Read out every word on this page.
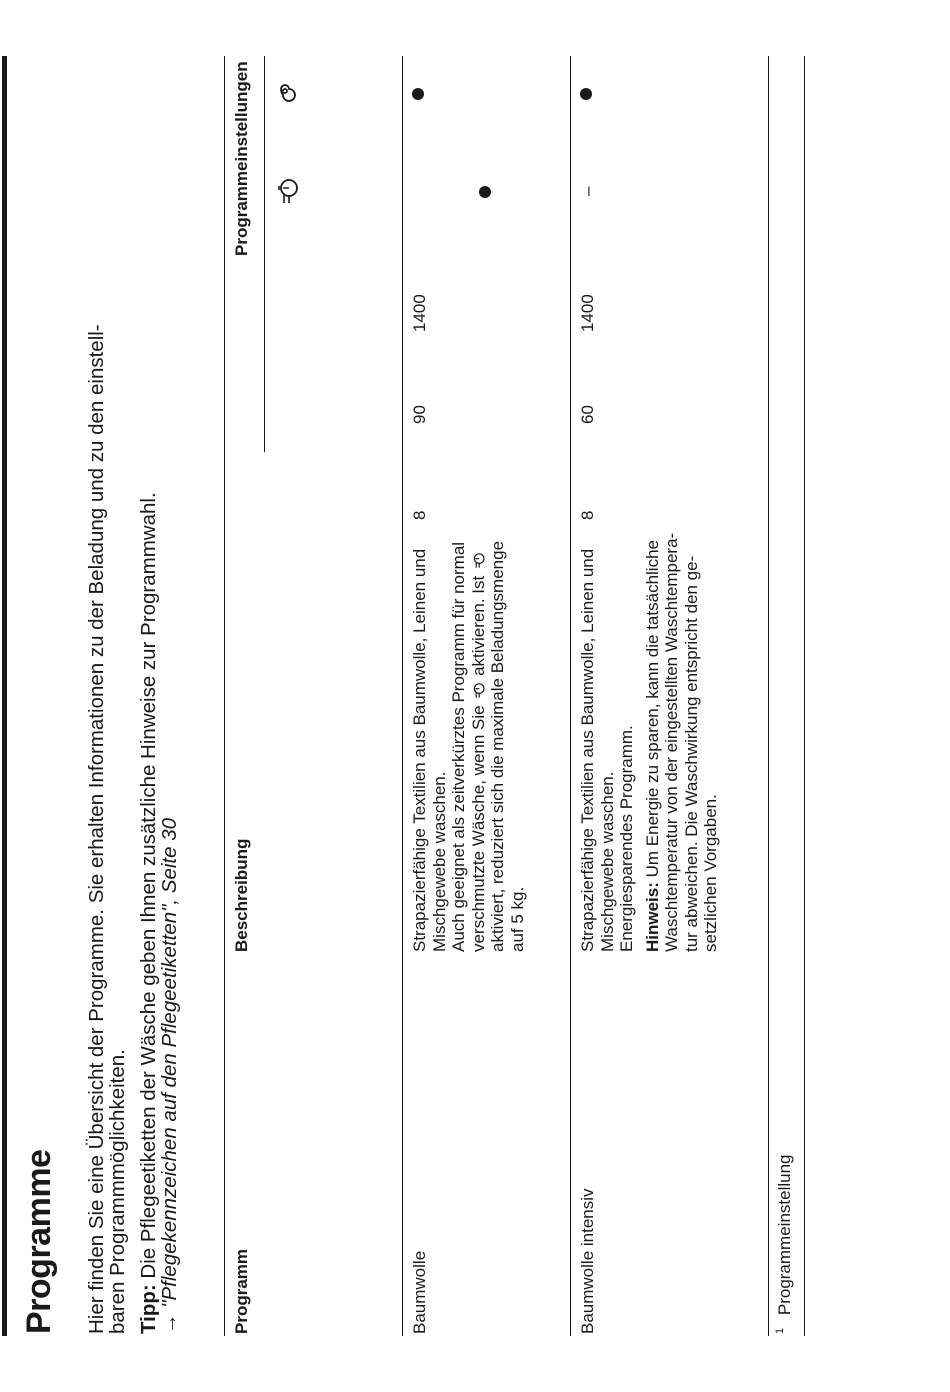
Programme Hier finden Sie eine Übersicht der Programme. Sie erhalten Informationen zu der Beladung und zu den einstell-
baren Programmmöglichkeiten. Tipp: Die Pflegeetiketten der Wäsche geben Ihnen zusätzliche Hinweise zur Programmwahl.
→ "Pflegekennzeichen auf den Pflegeetiketten", Seite 30	Programm
Beschreibung
Programmeinstellungen
Baumwolle
Strapazierfähige Textilien aus Baumwolle, Leinen und Mischgewebe waschen. Auch geeignet als zeitverkürztes Programm für normal verschmutzte Wäsche, wenn Sie  aktivieren. Ist aktiviert, reduziert sich die maximale Beladungsmenge auf 5 kg.
8
90
1400
Baumwolle intensiv
Strapazierfähige Textilien aus Baumwolle, Leinen und Mischgewebe waschen. Energiesparendes Programm. Hinweis: Um Energie zu sparen, kann die tatsächliche Waschtemperatur von der eingestellten Waschtempera- tur abweichen. Die Waschwirkung entspricht den ge- setzlichen Vorgaben.
8
60
1400
–
$^1$ Programmeinstellung
